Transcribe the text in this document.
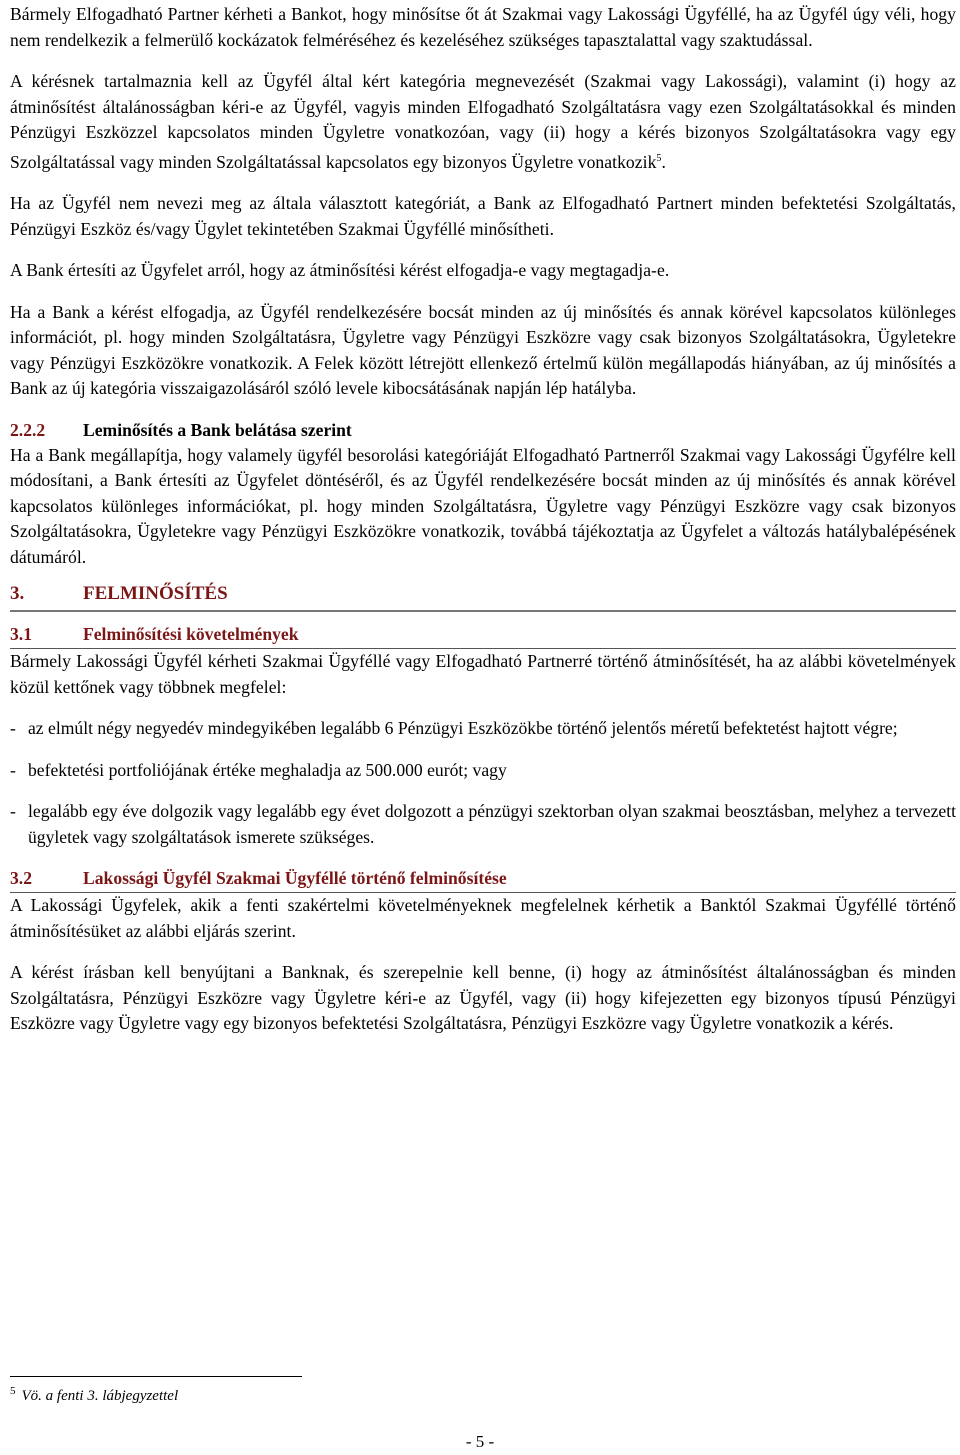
Bármely Elfogadható Partner kérheti a Bankot, hogy minősítse őt át Szakmai vagy Lakossági Ügyféllé, ha az Ügyfél úgy véli, hogy nem rendelkezik a felmerülő kockázatok felméréséhez és kezeléséhez szükséges tapasztalattal vagy szaktudással.

A kérésnek tartalmaznia kell az Ügyfél által kért kategória megnevezését (Szakmai vagy Lakossági), valamint (i) hogy az átminősítést általánosságban kéri-e az Ügyfél, vagyis minden Elfogadható Szolgáltatásra vagy ezen Szolgáltatásokkal és minden Pénzügyi Eszközzel kapcsolatos minden Ügyletre vonatkozóan, vagy (ii) hogy a kérés bizonyos Szolgáltatásokra vagy egy Szolgáltatással vagy minden Szolgáltatással kapcsolatos egy bizonyos Ügyletre vonatkozik$^5$.

Ha az Ügyfél nem nevezi meg az általa választott kategóriát, a Bank az Elfogadható Partnert minden befektetési Szolgáltatás, Pénzügyi Eszköz és/vagy Ügylet tekintetében Szakmai Ügyféllé minősítheti.

A Bank értesíti az Ügyfelet arról, hogy az átminősítési kérést elfogadja-e vagy megtagadja-e.

Ha a Bank a kérést elfogadja, az Ügyfél rendelkezésére bocsát minden az új minősítés és annak körével kapcsolatos különleges információt, pl. hogy minden Szolgáltatásra, Ügyletre vagy Pénzügyi Eszközre vagy csak bizonyos Szolgáltatásokra, Ügyletekre vagy Pénzügyi Eszközökre vonatkozik. A Felek között létrejött ellenkező értelmű külön megállapodás hiányában, az új minősítés a Bank az új kategória visszaigazolásáról szóló levele kibocsátásának napján lép hatályba.

2.2.2	Leminősítés a Bank belátása szerint

Ha a Bank megállapítja, hogy valamely ügyfél besorolási kategóriáját Elfogadható Partnerről Szakmai vagy Lakossági Ügyfélre kell módosítani, a Bank értesíti az Ügyfelet döntéséről, és az Ügyfél rendelkezésére bocsát minden az új minősítés és annak körével kapcsolatos különleges információkat, pl. hogy minden Szolgáltatásra, Ügyletre vagy Pénzügyi Eszközre vagy csak bizonyos Szolgáltatásokra, Ügyletekre vagy Pénzügyi Eszközökre vonatkozik, továbbá tájékoztatja az Ügyfelet a változás hatálybalépésének dátumáról.

3.	FELMINŐSÍTÉS
3.1	Felminősítési követelmények

Bármely Lakossági Ügyfél kérheti Szakmai Ügyféllé vagy Elfogadható Partnerré történő átminősítését, ha az alábbi követelmények közül kettőnek vagy többnek megfelel:

- az elmúlt négy negyedév mindegyikében legalább 6 Pénzügyi Eszközökbe történő jelentős méretű befektetést hajtott végre;
- befektetési portfoliójának értéke meghaladja az 500.000 eurót; vagy
- legalább egy éve dolgozik vagy legalább egy évet dolgozott a pénzügyi szektorban olyan szakmai beosztásban, melyhez a tervezett ügyletek vagy szolgáltatások ismerete szükséges.
3.2	Lakossági Ügyfél Szakmai Ügyféllé történő felminősítése

A Lakossági Ügyfelek, akik a fenti szakértelmi követelményeknek megfelelnek kérhetik a Banktól Szakmai Ügyféllé történő átminősítésüket az alábbi eljárás szerint.

A kérést írásban kell benyújtani a Banknak, és szerepelnie kell benne, (i) hogy az átminősítést általánosságban és minden Szolgáltatásra, Pénzügyi Eszközre vagy Ügyletre kéri-e az Ügyfél, vagy (ii) hogy kifejezetten egy bizonyos típusú Pénzügyi Eszközre vagy Ügyletre vagy egy bizonyos befektetési Szolgáltatásra, Pénzügyi Eszközre vagy Ügyletre vonatkozik a kérés.

$^5$ Vö. a fenti 3. lábjegyzettel
- 5 -
